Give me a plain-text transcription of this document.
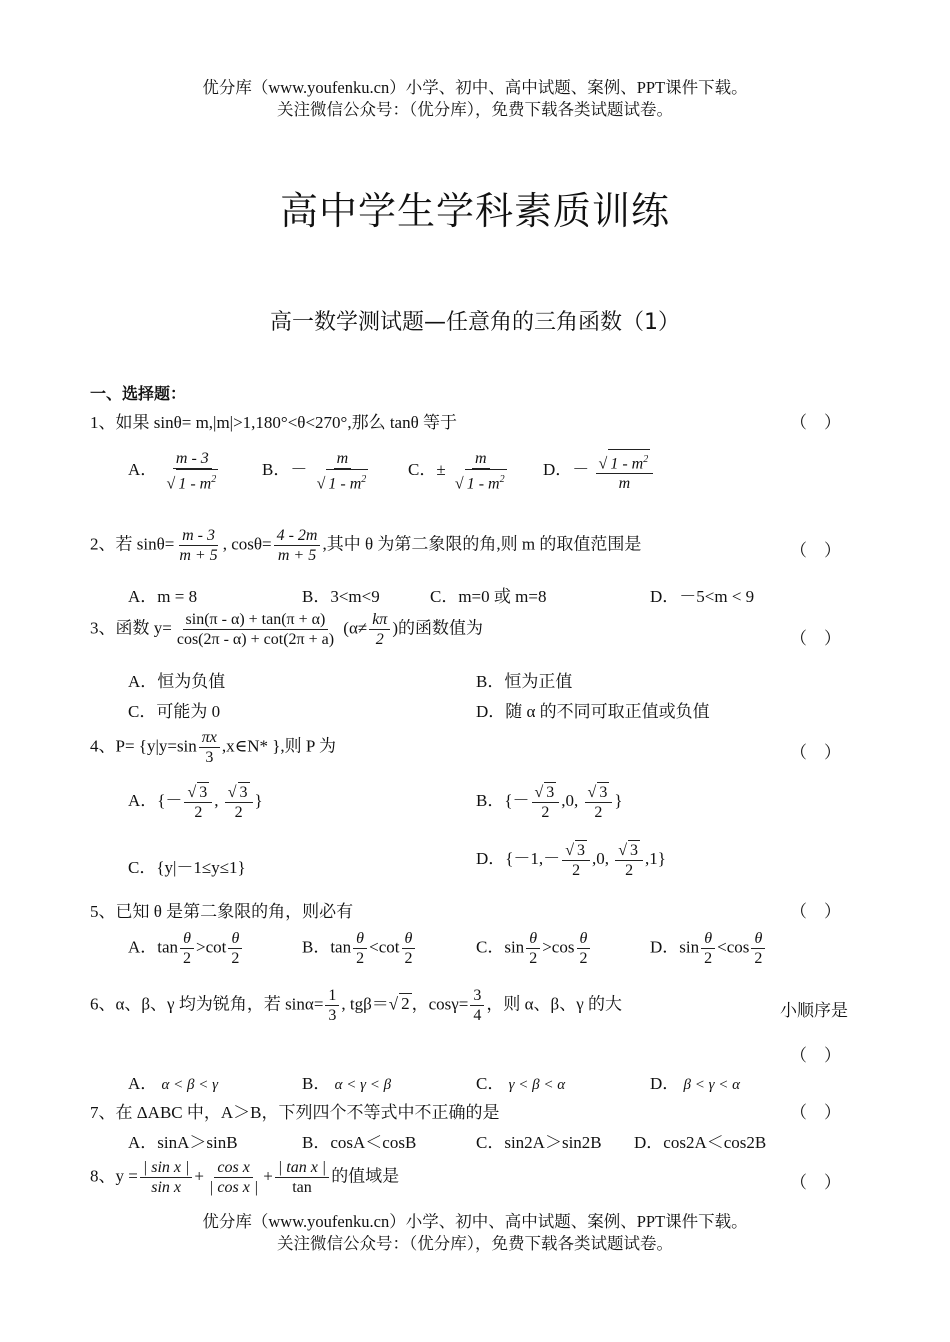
优分库（www.youfenku.cn）小学、初中、高中试题、案例、PPT课件下载。
关注微信公众号：（优分库），免费下载各类试题试卷。
高中学生学科素质训练
高一数学测试题—任意角的三角函数（1）
一、选择题：
1、如果 sinθ= m,|m|>1,180°<θ<270°,那么 tanθ 等于	（　）
A． $\frac{m - 3}{√ 1 - m^2}$ B．－ $\frac{m}{√ 1 - m^2}$ C．± $\frac{m}{√ 1 - m^2}$ D．－ $\frac{√ 1 - m^2}{m}$
2、若 $\sin\theta= \frac{m - 3}{m + 5}$ , $\cos\theta= \frac{4 - 2m}{m + 5}$ ,其中 θ 为第二象限的角,则 m 的取值范围是	（　）
A．m = 8	B．3<m<9	C．m=0 或 m=8	D．－5<m < 9
3、函数 $y= \frac{\sin(\pi - \alpha) + \tan(\pi + \alpha)}{\cos(2\pi - \alpha) + \cot(2\pi + a)} (\alpha\ne \frac{k\pi}{2}$ )的函数值为
（　）
A．恒为负值	B．恒为正值
C．可能为 0	D．随 α 的不同可取正值或负值
4、$P= \{y|y=\sin \frac{\pi x}{3}$ ,x∈N* },则 P 为	（　）
A．{－ $\frac{√ 3}{2}$ , $\frac{√ 3}{2}$ }	B．{－ $\frac{√ 3}{2} ,0$, $\frac{√ 3}{2}$ }
C．{y|－1≤y≤1}	D．{$-1,- \frac{√ 3}{2} ,0$, $\frac{√ 3}{2} ,1$}
5、已知 θ 是第二象限的角，则必有	（　）
A．$\tan \frac{\theta}{2} >\cot \frac{\theta}{2}$	B．$\tan \frac{\theta}{2} <\cot \frac{\theta}{2}$	C．$\sin \frac{\theta}{2} >\cos \frac{\theta}{2}$	D．$\sin \frac{\theta}{2} <\cos \frac{\theta}{2}$
6、α、β、γ 均为锐角，若 $\sin\alpha= \frac{1}{3}$ , tgβ＝√ 2 ，$\cos\gamma= \frac{3}{4}$ ，则 α、β、γ 的大	小顺序是
（　）
A． α < β < γ	B． α < γ < β	C． γ < β < α	D． β < γ < α
7、在 ΔABC 中，A＞B，下列四个不等式中不正确的是	（　）
A．sinA＞sinB	B．cosA＜cosB	C．sin2A＞sin2B D．cos2A＜cos2B
8、$y = \frac{\text{| sin x |}}{\text{sin x}} + \frac{\text{cos x}}{\text{| cos x |}} + \frac{\text{| tan x |}}{\tan}$ 的值域是	（　）
优分库（www.youfenku.cn）小学、初中、高中试题、案例、PPT课件下载。
关注微信公众号：（优分库），免费下载各类试题试卷。
